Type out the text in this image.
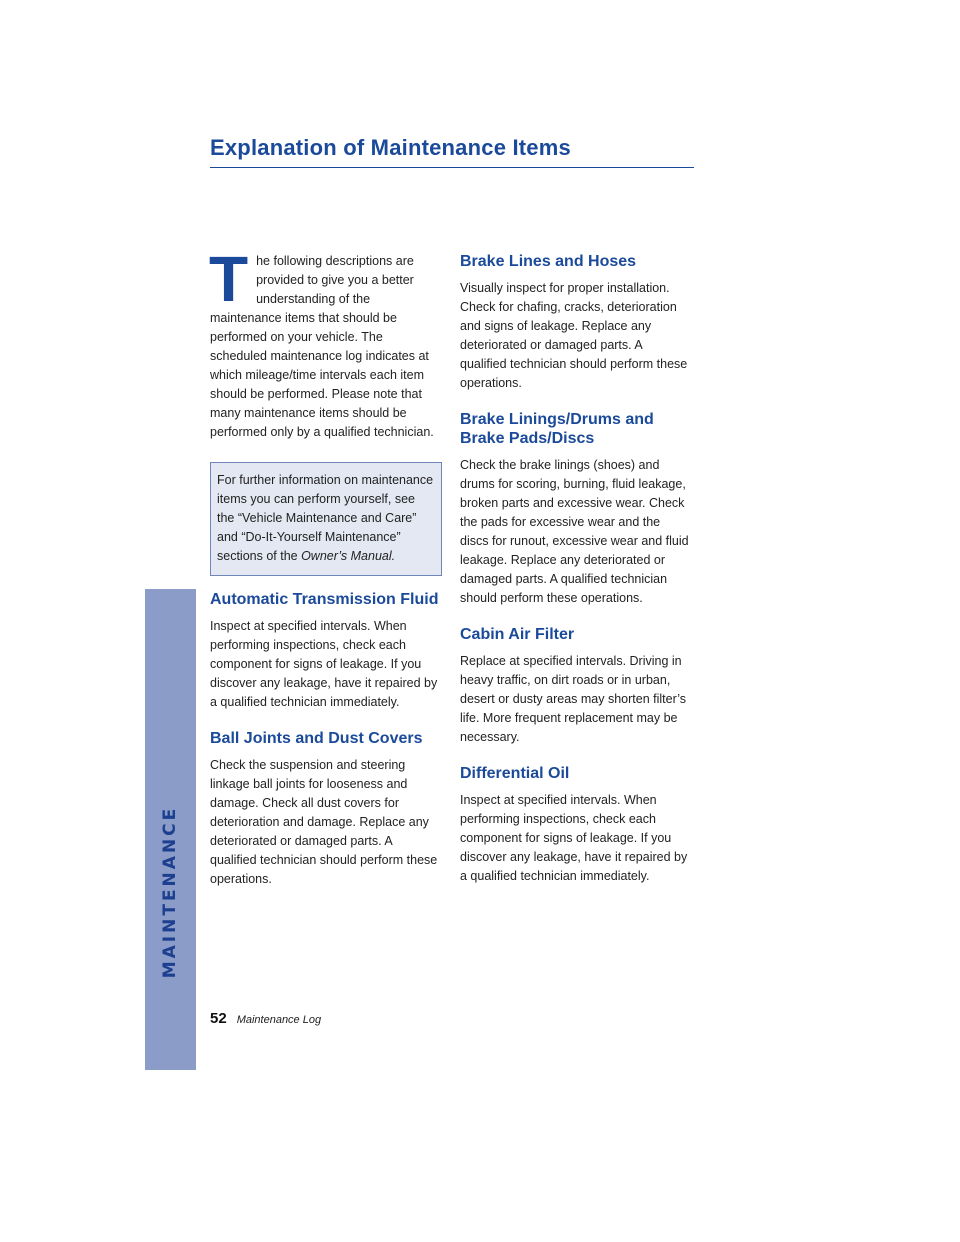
MAINTENANCE
Explanation of Maintenance Items

The following descriptions are provided to give you a better understanding of the maintenance items that should be performed on your vehicle. The scheduled maintenance log indicates at which mileage/time intervals each item should be performed. Please note that many maintenance items should be performed only by a qualified technician.

For further information on maintenance items you can perform yourself, see the “Vehicle Maintenance and Care” and “Do-It-Yourself Maintenance” sections of the Owner’s Manual.

Automatic Transmission Fluid

Inspect at specified intervals. When performing inspections, check each component for signs of leakage. If you discover any leakage, have it repaired by a qualified technician immediately.

Ball Joints and Dust Covers

Check the suspension and steering linkage ball joints for looseness and damage. Check all dust covers for deterioration and damage. Replace any deteriorated or damaged parts. A qualified technician should perform these operations.

Brake Lines and Hoses

Visually inspect for proper installation. Check for chafing, cracks, deterioration and signs of leakage. Replace any deteriorated or damaged parts. A qualified technician should perform these operations.

Brake Linings/Drums and Brake Pads/Discs

Check the brake linings (shoes) and drums for scoring, burning, fluid leakage, broken parts and excessive wear. Check the pads for excessive wear and the discs for runout, excessive wear and fluid leakage. Replace any deteriorated or damaged parts. A qualified technician should perform these operations.

Cabin Air Filter

Replace at specified intervals. Driving in heavy traffic, on dirt roads or in urban, desert or dusty areas may shorten filter’s life. More frequent replacement may be necessary.

Differential Oil

Inspect at specified intervals. When performing inspections, check each component for signs of leakage. If you discover any leakage, have it repaired by a qualified technician immediately.

52 Maintenance Log
